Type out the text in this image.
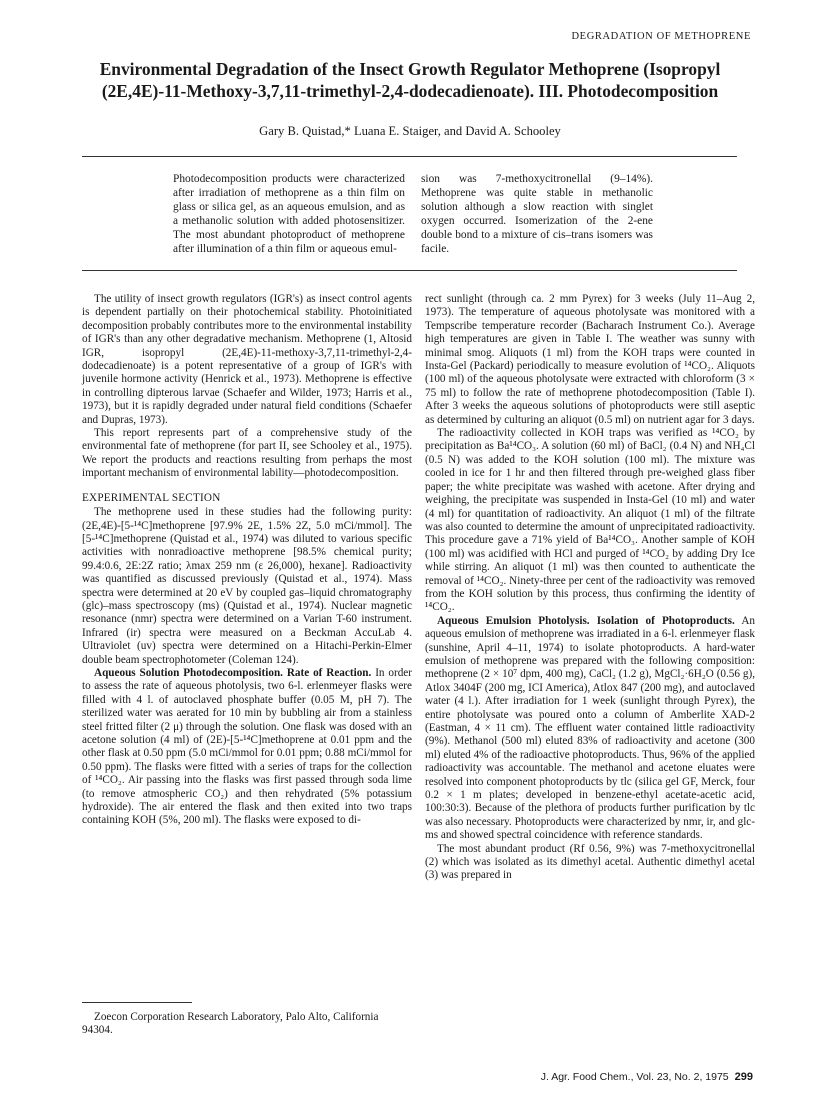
DEGRADATION OF METHOPRENE
Environmental Degradation of the Insect Growth Regulator Methoprene (Isopropyl (2E,4E)-11-Methoxy-3,7,11-trimethyl-2,4-dodecadienoate). III. Photodecomposition
Gary B. Quistad,* Luana E. Staiger, and David A. Schooley
Photodecomposition products were characterized after irradiation of methoprene as a thin film on glass or silica gel, as an aqueous emulsion, and as a methanolic solution with added photosensitizer. The most abundant photoproduct of methoprene after illumination of a thin film or aqueous emul-
sion was 7-methoxycitronellal (9–14%). Methoprene was quite stable in methanolic solution although a slow reaction with singlet oxygen occurred. Isomerization of the 2-ene double bond to a mixture of cis–trans isomers was facile.

The utility of insect growth regulators (IGR's) as insect control agents is dependent partially on their photochemical stability. Photoinitiated decomposition probably contributes more to the environmental instability of IGR's than any other degradative mechanism. Methoprene (1, Altosid IGR, isopropyl (2E,4E)-11-methoxy-3,7,11-trimethyl-2,4-dodecadienoate) is a potent representative of a group of IGR's with juvenile hormone activity (Henrick et al., 1973). Methoprene is effective in controlling dipterous larvae (Schaefer and Wilder, 1973; Harris et al., 1973), but it is rapidly degraded under natural field conditions (Schaefer and Dupras, 1973).

This report represents part of a comprehensive study of the environmental fate of methoprene (for part II, see Schooley et al., 1975). We report the products and reactions resulting from perhaps the most important mechanism of environmental lability—photodecomposition.

EXPERIMENTAL SECTION

The methoprene used in these studies had the following purity: (2E,4E)-[5-¹⁴C]methoprene [97.9% 2E, 1.5% 2Z, 5.0 mCi/mmol]. The [5-¹⁴C]methoprene (Quistad et al., 1974) was diluted to various specific activities with nonradioactive methoprene [98.5% chemical purity; 99.4:0.6, 2E:2Z ratio; λmax 259 nm (ε 26,000), hexane]. Radioactivity was quantified as discussed previously (Quistad et al., 1974). Mass spectra were determined at 20 eV by coupled gas–liquid chromatography (glc)–mass spectroscopy (ms) (Quistad et al., 1974). Nuclear magnetic resonance (nmr) spectra were determined on a Varian T-60 instrument. Infrared (ir) spectra were measured on a Beckman AccuLab 4. Ultraviolet (uv) spectra were determined on a Hitachi-Perkin-Elmer double beam spectrophotometer (Coleman 124).

Aqueous Solution Photodecomposition. Rate of Reaction. In order to assess the rate of aqueous photolysis, two 6-l. erlenmeyer flasks were filled with 4 l. of autoclaved phosphate buffer (0.05 M, pH 7). The sterilized water was aerated for 10 min by bubbling air from a stainless steel fritted filter (2 μ) through the solution. One flask was dosed with an acetone solution (4 ml) of (2E)-[5-¹⁴C]methoprene at 0.01 ppm and the other flask at 0.50 ppm (5.0 mCi/mmol for 0.01 ppm; 0.88 mCi/mmol for 0.50 ppm). The flasks were fitted with a series of traps for the collection of ¹⁴CO₂. Air passing into the flasks was first passed through soda lime (to remove atmospheric CO₂) and then rehydrated (5% potassium hydroxide). The air entered the flask and then exited into two traps containing KOH (5%, 200 ml). The flasks were exposed to di-

Zoecon Corporation Research Laboratory, Palo Alto, California 94304.

rect sunlight (through ca. 2 mm Pyrex) for 3 weeks (July 11–Aug 2, 1973). The temperature of aqueous photolysate was monitored with a Tempscribe temperature recorder (Bacharach Instrument Co.). Average high temperatures are given in Table I. The weather was sunny with minimal smog. Aliquots (1 ml) from the KOH traps were counted in Insta-Gel (Packard) periodically to measure evolution of ¹⁴CO₂. Aliquots (100 ml) of the aqueous photolysate were extracted with chloroform (3 × 75 ml) to follow the rate of methoprene photodecomposition (Table I). After 3 weeks the aqueous solutions of photoproducts were still aseptic as determined by culturing an aliquot (0.5 ml) on nutrient agar for 3 days.

The radioactivity collected in KOH traps was verified as ¹⁴CO₂ by precipitation as Ba¹⁴CO₃. A solution (60 ml) of BaCl₂ (0.4 N) and NH₄Cl (0.5 N) was added to the KOH solution (100 ml). The mixture was cooled in ice for 1 hr and then filtered through pre-weighed glass fiber paper; the white precipitate was washed with acetone. After drying and weighing, the precipitate was suspended in Insta-Gel (10 ml) and water (4 ml) for quantitation of radioactivity. An aliquot (1 ml) of the filtrate was also counted to determine the amount of unprecipitated radioactivity. This procedure gave a 71% yield of Ba¹⁴CO₃. Another sample of KOH (100 ml) was acidified with HCl and purged of ¹⁴CO₂ by adding Dry Ice while stirring. An aliquot (1 ml) was then counted to authenticate the removal of ¹⁴CO₂. Ninety-three per cent of the radioactivity was removed from the KOH solution by this process, thus confirming the identity of ¹⁴CO₂.

Aqueous Emulsion Photolysis. Isolation of Photoproducts. An aqueous emulsion of methoprene was irradiated in a 6-l. erlenmeyer flask (sunshine, April 4–11, 1974) to isolate photoproducts. A hard-water emulsion of methoprene was prepared with the following composition: methoprene (2 × 10⁷ dpm, 400 mg), CaCl₂ (1.2 g), MgCl₂·6H₂O (0.56 g), Atlox 3404F (200 mg, ICI America), Atlox 847 (200 mg), and autoclaved water (4 l.). After irradiation for 1 week (sunlight through Pyrex), the entire photolysate was poured onto a column of Amberlite XAD-2 (Eastman, 4 × 11 cm). The effluent water contained little radioactivity (9%). Methanol (500 ml) eluted 83% of radioactivity and acetone (300 ml) eluted 4% of the radioactive photoproducts. Thus, 96% of the applied radioactivity was accountable. The methanol and acetone eluates were resolved into component photoproducts by tlc (silica gel GF, Merck, four 0.2 × 1 m plates; developed in benzene-ethyl acetate-acetic acid, 100:30:3). Because of the plethora of products further purification by tlc was also necessary. Photoproducts were characterized by nmr, ir, and glc-ms and showed spectral coincidence with reference standards.

The most abundant product (Rf 0.56, 9%) was 7-methoxycitronellal (2) which was isolated as its dimethyl acetal. Authentic dimethyl acetal (3) was prepared in

J. Agr. Food Chem., Vol. 23, No. 2, 1975 299
